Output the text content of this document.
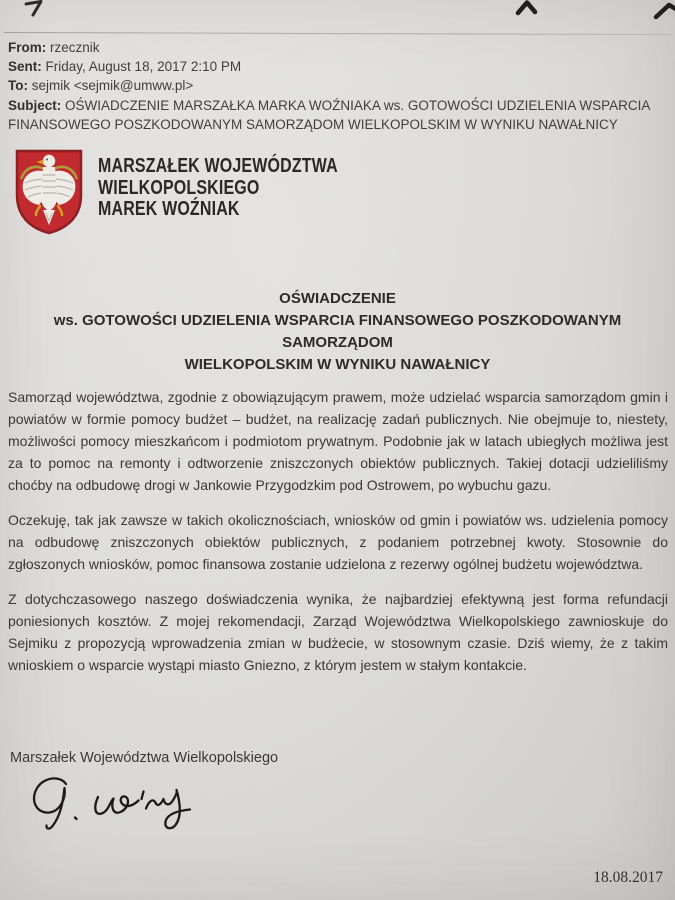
From: rzecznik
Sent: Friday, August 18, 2017 2:10 PM
To: sejmik <sejmik@umww.pl>
Subject: OŚWIADCZENIE MARSZAŁKA MARKA WOŹNIAKA ws. GOTOWOŚCI UDZIELENIA WSPARCIA FINANSOWEGO POSZKODOWANYM SAMORZĄDOM WIELKOPOLSKIM W WYNIKU NAWAŁNICY
MARSZAŁEK WOJEWÓDZTWA
WIELKOPOLSKIEGO
MAREK WOŹNIAK
OŚWIADCZENIE
ws. GOTOWOŚCI UDZIELENIA WSPARCIA FINANSOWEGO POSZKODOWANYM  SAMORZĄDOM
WIELKOPOLSKIM W WYNIKU NAWAŁNICY

Samorząd województwa, zgodnie z obowiązującym prawem, może udzielać wsparcia samorządom gmin i powiatów w formie pomocy budżet – budżet, na realizację zadań publicznych. Nie obejmuje to, niestety, możliwości pomocy mieszkańcom i podmiotom prywatnym. Podobnie jak w latach ubiegłych możliwa jest za to pomoc na remonty i odtworzenie zniszczonych obiektów publicznych. Takiej dotacji udzieliliśmy choćby na odbudowę drogi w Jankowie Przygodzkim pod Ostrowem, po wybuchu gazu.

Oczekuję, tak jak zawsze w takich okolicznościach, wniosków od gmin i powiatów ws. udzielenia pomocy na odbudowę zniszczonych obiektów publicznych, z podaniem potrzebnej kwoty. Stosownie do zgłoszonych wniosków, pomoc finansowa zostanie udzielona z rezerwy ogólnej budżetu województwa.

Z dotychczasowego naszego doświadczenia wynika, że najbardziej efektywną jest forma refundacji poniesionych kosztów. Z mojej rekomendacji, Zarząd Województwa Wielkopolskiego zawnioskuje do Sejmiku z propozycją wprowadzenia zmian w budżecie, w stosownym czasie. Dziś wiemy, że z takim wnioskiem o wsparcie wystąpi miasto Gniezno, z którym jestem w stałym kontakcie.

Marszałek Województwa Wielkopolskiego
18.08.2017
